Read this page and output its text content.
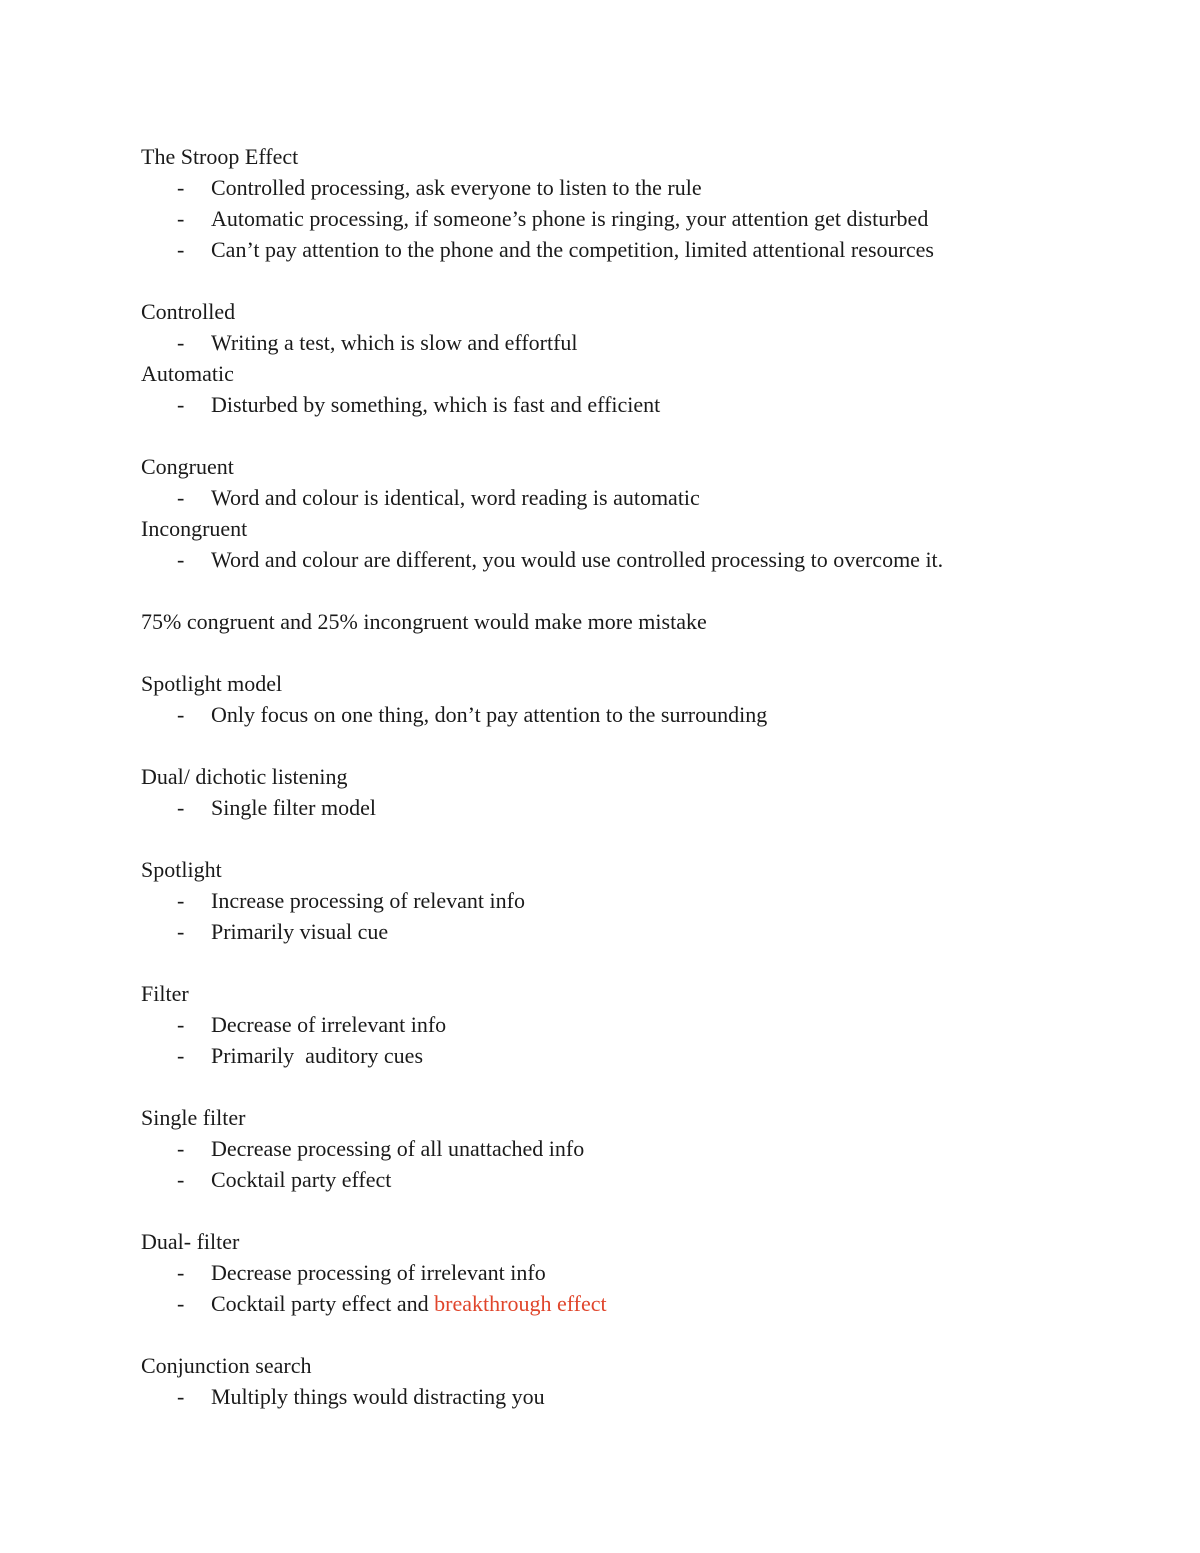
The Stroop Effect
- Controlled processing, ask everyone to listen to the rule
- Automatic processing, if someone’s phone is ringing, your attention get disturbed
- Can’t pay attention to the phone and the competition, limited attentional resources
Controlled
- Writing a test, which is slow and effortful
Automatic
- Disturbed by something, which is fast and efficient
Congruent
- Word and colour is identical, word reading is automatic
Incongruent
- Word and colour are different, you would use controlled processing to overcome it.
75% congruent and 25% incongruent would make more mistake
Spotlight model
- Only focus on one thing, don’t pay attention to the surrounding
Dual/ dichotic listening
- Single filter model
Spotlight
- Increase processing of relevant info
- Primarily visual cue
Filter
- Decrease of irrelevant info
- Primarily  auditory cues
Single filter
- Decrease processing of all unattached info
- Cocktail party effect
Dual- filter
- Decrease processing of irrelevant info
- Cocktail party effect and breakthrough effect
Conjunction search
- Multiply things would distracting you
